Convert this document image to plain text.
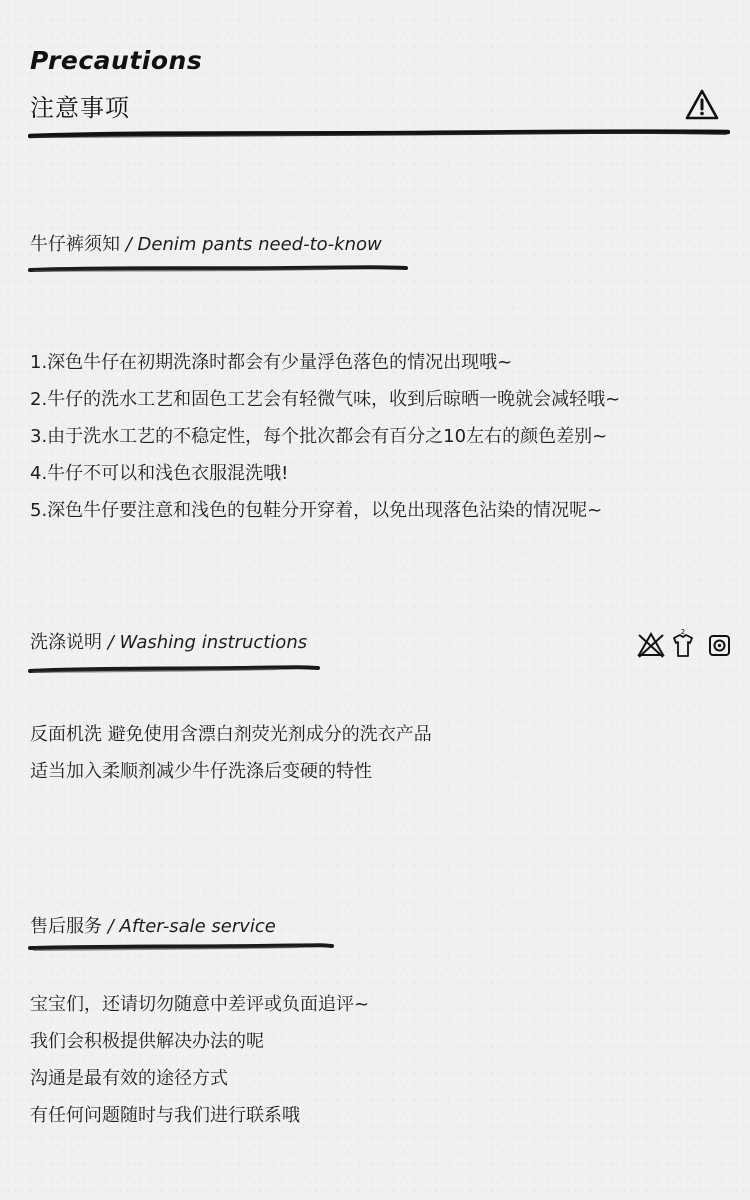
Precautions
注意事项
牛仔裤须知 / Denim pants need-to-know
1.深色牛仔在初期洗涤时都会有少量浮色落色的情况出现哦~
2.牛仔的洗水工艺和固色工艺会有轻微气味，收到后晾晒一晚就会减轻哦~
3.由于洗水工艺的不稳定性，每个批次都会有百分之10左右的颜色差别~
4.牛仔不可以和浅色衣服混洗哦!
5.深色牛仔要注意和浅色的包鞋分开穿着，以免出现落色沾染的情况呢~
洗涤说明 / Washing instructions	2
反面机洗 避免使用含漂白剂荧光剂成分的洗衣产品
适当加入柔顺剂减少牛仔洗涤后变硬的特性
售后服务 / After-sale service
宝宝们，还请切勿随意中差评或负面追评~
我们会积极提供解决办法的呢
沟通是最有效的途径方式
有任何问题随时与我们进行联系哦
